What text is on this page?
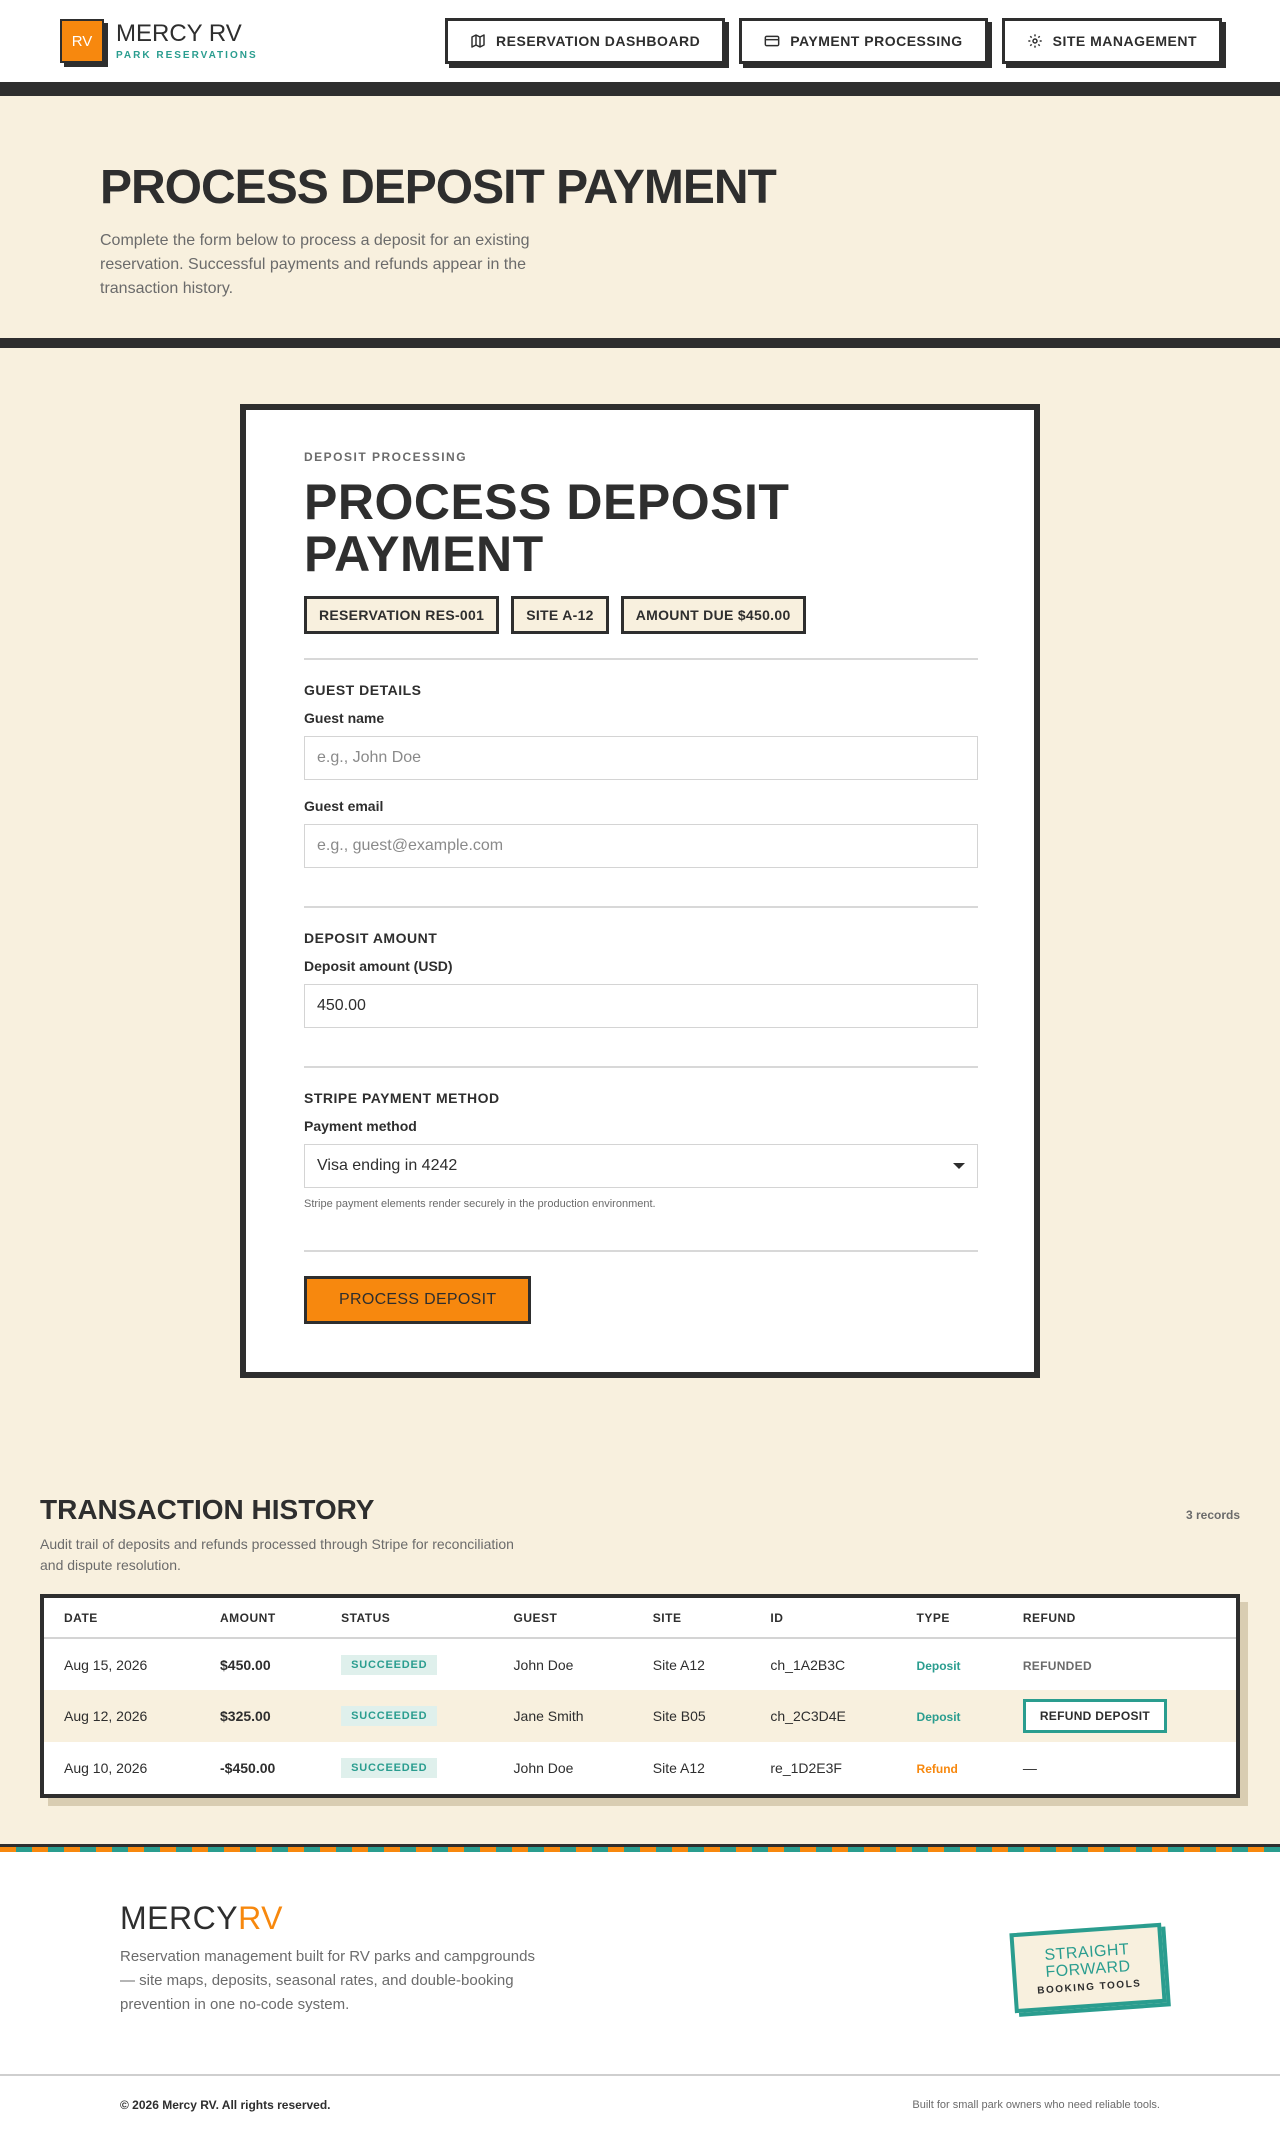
RV MERCY RV
PARK RESERVATIONS
RESERVATION DASHBOARD	PAYMENT PROCESSING	SITE MANAGEMENT
PROCESS DEPOSIT PAYMENT

Complete the form below to process a deposit for an existing reservation. Successful payments and refunds appear in the transaction history.

DEPOSIT PROCESSING
PROCESS DEPOSIT PAYMENT
RESERVATION RES-001	SITE A-12	AMOUNT DUE $450.00
GUEST DETAILS
Guest name
e.g., John Doe
Guest email
e.g., guest@example.com
DEPOSIT AMOUNT
Deposit amount (USD)
450.00
STRIPE PAYMENT METHOD
Payment method
Visa ending in 4242
Stripe payment elements render securely in the production environment.
PROCESS DEPOSIT
TRANSACTION HISTORY	3 records

Audit trail of deposits and refunds processed through Stripe for reconciliation and dispute resolution.

DATE	AMOUNT	STATUS	GUEST	SITE	ID	TYPE	REFUND
Aug 15, 2026	$450.00	SUCCEEDED	John Doe	Site A12	ch_1A2B3C	Deposit	REFUNDED
Aug 12, 2026	$325.00	SUCCEEDED	Jane Smith	Site B05	ch_2C3D4E	Deposit	REFUND DEPOSIT
Aug 10, 2026	-$450.00	SUCCEEDED	John Doe	Site A12	re_1D2E3F	Refund	—
MERCYRV

Reservation management built for RV parks and campgrounds — site maps, deposits, seasonal rates, and double-booking prevention in one no-code system.

STRAIGHT
FORWARD
BOOKING TOOLS
© 2026 Mercy RV. All rights reserved.	Built for small park owners who need reliable tools.
